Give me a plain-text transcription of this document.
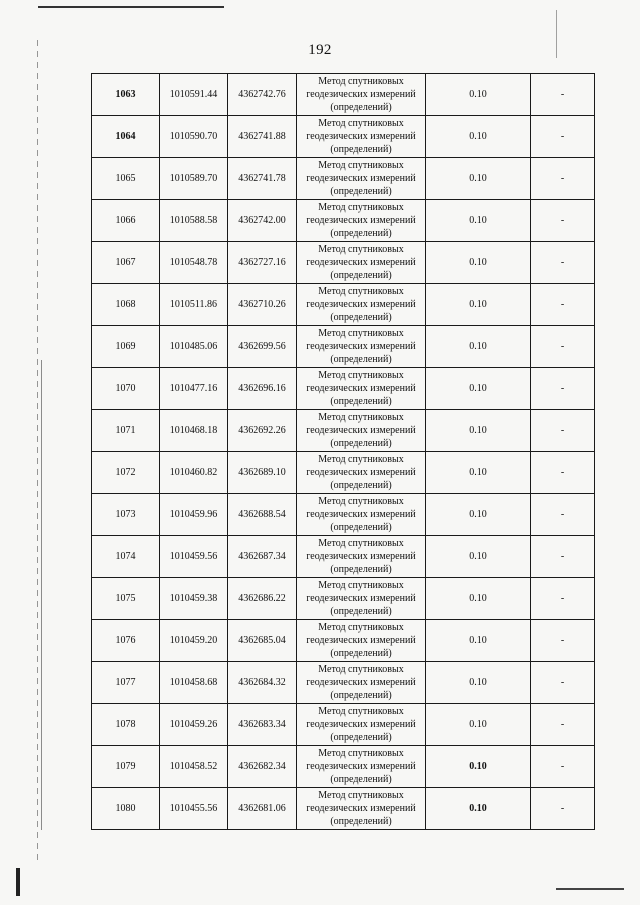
192
1063	1010591.44	4362742.76	Метод спутниковых
геодезических измерений
(определений)	0.10	-
1064	1010590.70	4362741.88	Метод спутниковых
геодезических измерений
(определений)	0.10	-
1065	1010589.70	4362741.78	Метод спутниковых
геодезических измерений
(определений)	0.10	-
1066	1010588.58	4362742.00	Метод спутниковых
геодезических измерений
(определений)	0.10	-
1067	1010548.78	4362727.16	Метод спутниковых
геодезических измерений
(определений)	0.10	-
1068	1010511.86	4362710.26	Метод спутниковых
геодезических измерений
(определений)	0.10	-
1069	1010485.06	4362699.56	Метод спутниковых
геодезических измерений
(определений)	0.10	-
1070	1010477.16	4362696.16	Метод спутниковых
геодезических измерений
(определений)	0.10	-
1071	1010468.18	4362692.26	Метод спутниковых
геодезических измерений
(определений)	0.10	-
1072	1010460.82	4362689.10	Метод спутниковых
геодезических измерений
(определений)	0.10	-
1073	1010459.96	4362688.54	Метод спутниковых
геодезических измерений
(определений)	0.10	-
1074	1010459.56	4362687.34	Метод спутниковых
геодезических измерений
(определений)	0.10	-
1075	1010459.38	4362686.22	Метод спутниковых
геодезических измерений
(определений)	0.10	-
1076	1010459.20	4362685.04	Метод спутниковых
геодезических измерений
(определений)	0.10	-
1077	1010458.68	4362684.32	Метод спутниковых
геодезических измерений
(определений)	0.10	-
1078	1010459.26	4362683.34	Метод спутниковых
геодезических измерений
(определений)	0.10	-
1079	1010458.52	4362682.34	Метод спутниковых
геодезических измерений
(определений)	0.10	-
1080	1010455.56	4362681.06	Метод спутниковых
геодезических измерений
(определений)	0.10	-
